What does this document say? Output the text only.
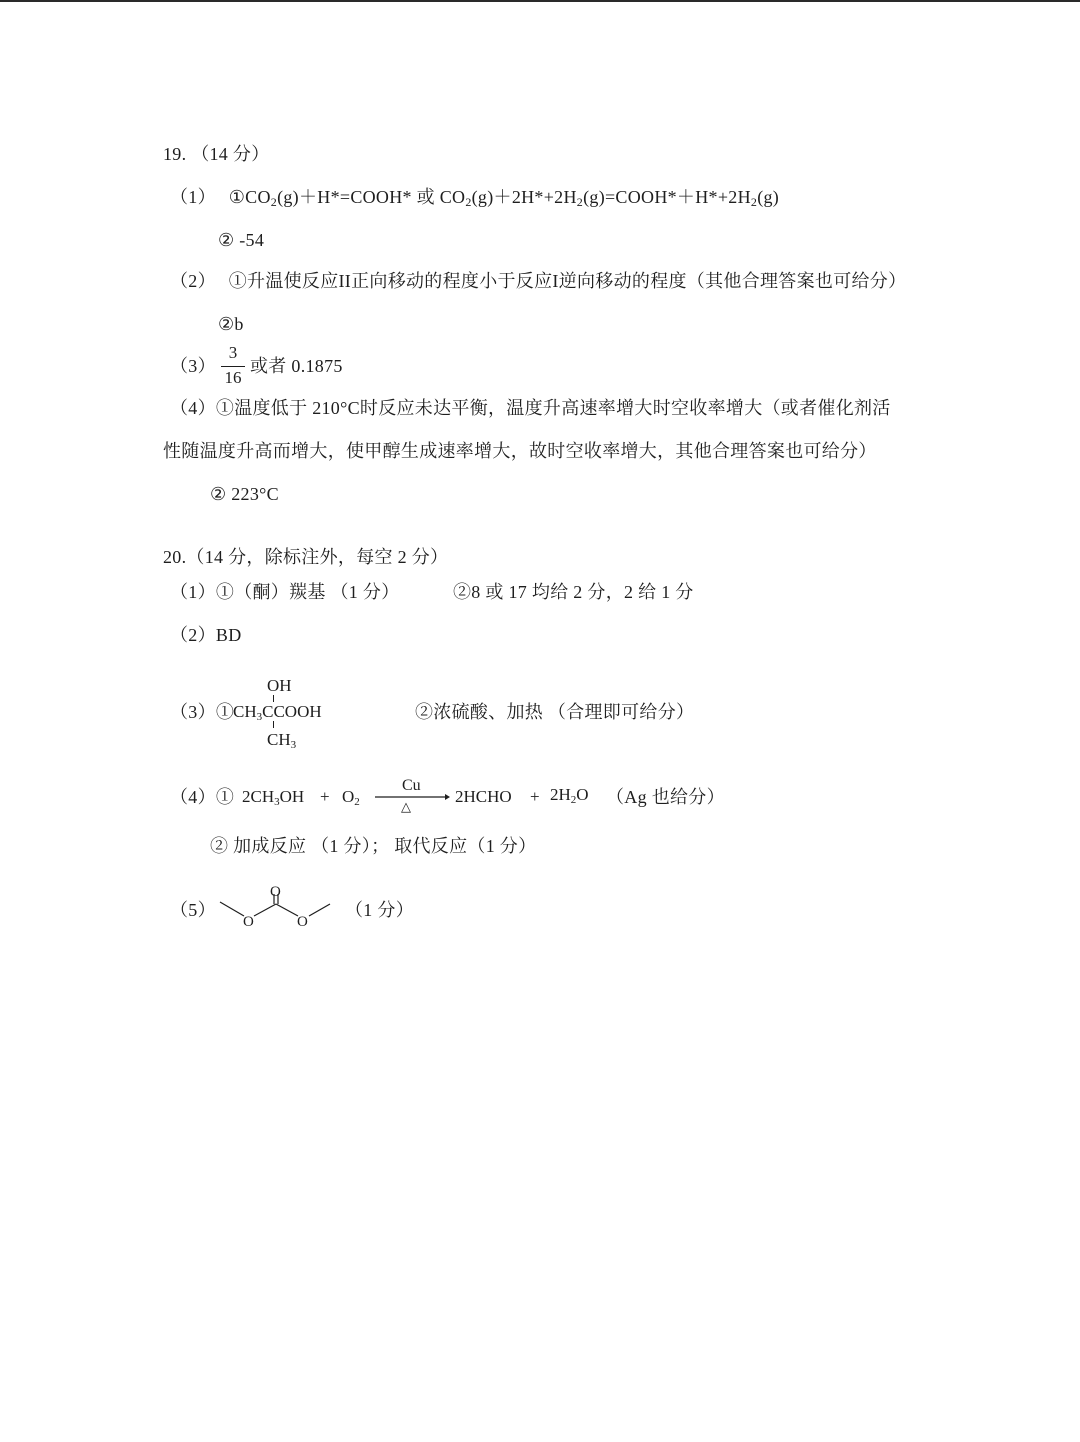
19. （14 分）
（1） $①CO_2(g)+H*=COOH*$ 或 $CO_2(g)+2H*+2H_2(g)=COOH*+H*+2H_2(g)$
② -54
（2） ①升温使反应II正向移动的程度小于反应I逆向移动的程度（其他合理答案也可给分）
②b
（3）
3
16
或者 0.1875
（4）①温度低于 210°C时反应未达平衡，温度升高速率增大时空收率增大（或者催化剂活
性随温度升高而增大，使甲醇生成速率增大，故时空收率增大，其他合理答案也可给分）
② 223°C
20.（14 分，除标注外，每空 2 分）
（1）①（酮）羰基 （1 分）	②8 或 17 均给 2 分，2 给 1 分
（2）BD
（3）①
OH
$CH_3CCOOH$
$CH_3$
②浓硫酸、加热 （合理即可给分）
（4）① $2CH_3OH + O_2$
Cu
△
2HCHO + $2H_2O$ （Ag 也给分）
② 加成反应 （1 分）； 取代反应（1 分）
（5）
O
O	O
（1 分）
